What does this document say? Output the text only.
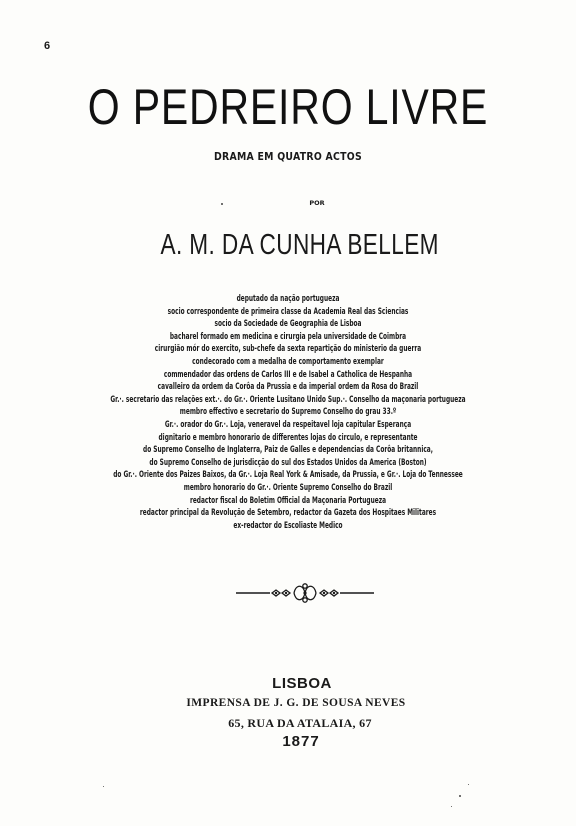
6
O PEDREIRO LIVRE
DRAMA EM QUATRO ACTOS
POR
A. M. DA CUNHA BELLEM
deputado da nação portugueza
socio correspondente de primeira classe da Academia Real das Sciencias
socio da Sociedade de Geographia de Lisboa
bacharel formado em medicina e cirurgia pela universidade de Coimbra
cirurgião mór do exercito, sub-chefe da sexta repartição do ministerio da guerra
condecorado com a medalha de comportamento exemplar
commendador das ordens de Carlos III e de Isabel a Catholica de Hespanha
cavalleiro da ordem da Corôa da Prussia e da imperial ordem da Rosa do Brazil
Gr.·. secretario das relações ext.·. do Gr.·. Oriente Lusitano Unido Sup.·. Conselho da maçonaria portugueza
membro effectivo e secretario do Supremo Conselho do grau 33.º
Gr.·. orador do Gr.·. Loja, veneravel da respeitavel loja capitular Esperança
dignitario e membro honorario de differentes lojas do circulo, e representante
do Supremo Conselho de Inglaterra, Paiz de Galles e dependencias da Corôa britannica,
do Supremo Conselho de jurisdicção do sul dos Estados Unidos da America (Boston)
do Gr.·. Oriente dos Paizes Baixos, da Gr.·. Loja Real York & Amisade, da Prussia, e Gr.·. Loja do Tennessee
membro honorario do Gr.·. Oriente Supremo Conselho do Brazil
redactor fiscal do Boletim Official da Maçonaria Portugueza
redactor principal da Revolução de Setembro, redactor da Gazeta dos Hospitaes Militares
ex-redactor do Escoliaste Medico
LISBOA
IMPRENSA DE J. G. DE SOUSA NEVES
65, RUA DA ATALAIA, 67
1877
